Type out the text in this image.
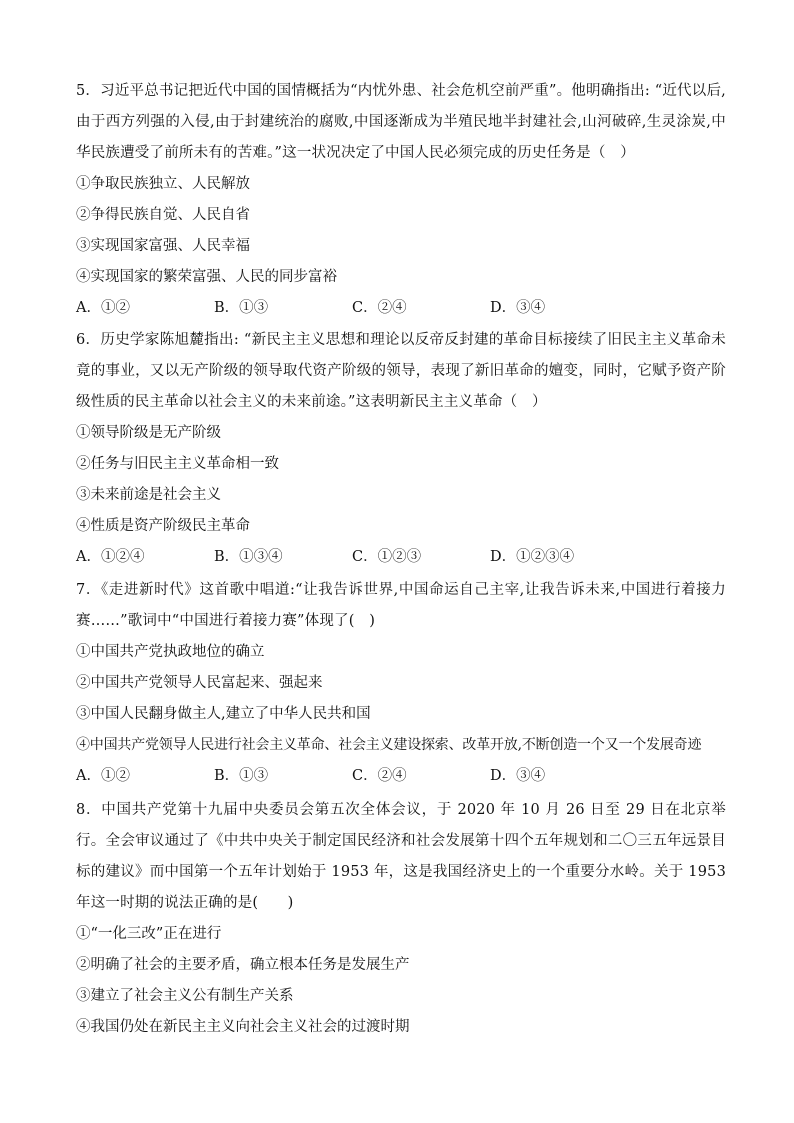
5．习近平总书记把近代中国的国情概括为“内忧外患、社会危机空前严重”。他明确指出: “近代以后,由于西方列强的入侵,由于封建统治的腐败,中国逐渐成为半殖民地半封建社会,山河破碎,生灵涂炭,中华民族遭受了前所未有的苦难。”这一状况决定了中国人民必须完成的历史任务是（　）

①争取民族独立、人民解放

②争得民族自觉、人民自省

③实现国家富强、人民幸福

④实现国家的繁荣富强、人民的同步富裕

A．①②	B．①③	C．②④	D．③④

6．历史学家陈旭麓指出: “新民主主义思想和理论以反帝反封建的革命目标接续了旧民主主义革命未竟的事业，又以无产阶级的领导取代资产阶级的领导，表现了新旧革命的嬗变，同时，它赋予资产阶级性质的民主革命以社会主义的未来前途。”这表明新民主主义革命（　）

①领导阶级是无产阶级

②任务与旧民主主义革命相一致

③未来前途是社会主义

④性质是资产阶级民主革命

A．①②④	B．①③④	C．①②③	D．①②③④

7．《走进新时代》这首歌中唱道:“让我告诉世界,中国命运自己主宰,让我告诉未来,中国进行着接力赛……”歌词中“中国进行着接力赛”体现了(　)

①中国共产党执政地位的确立

②中国共产党领导人民富起来、强起来

③中国人民翻身做主人,建立了中华人民共和国

④中国共产党领导人民进行社会主义革命、社会主义建设探索、改革开放,不断创造一个又一个发展奇迹

A．①②	B．①③	C．②④	D．③④

8．中国共产党第十九届中央委员会第五次全体会议，于 2020 年 10 月 26 日至 29 日在北京举行。全会审议通过了《中共中央关于制定国民经济和社会发展第十四个五年规划和二〇三五年远景目标的建议》而中国第一个五年计划始于 1953 年，这是我国经济史上的一个重要分水岭。关于 1953 年这一时期的说法正确的是(　　)

①“一化三改”正在进行

②明确了社会的主要矛盾，确立根本任务是发展生产

③建立了社会主义公有制生产关系

④我国仍处在新民主主义向社会主义社会的过渡时期
